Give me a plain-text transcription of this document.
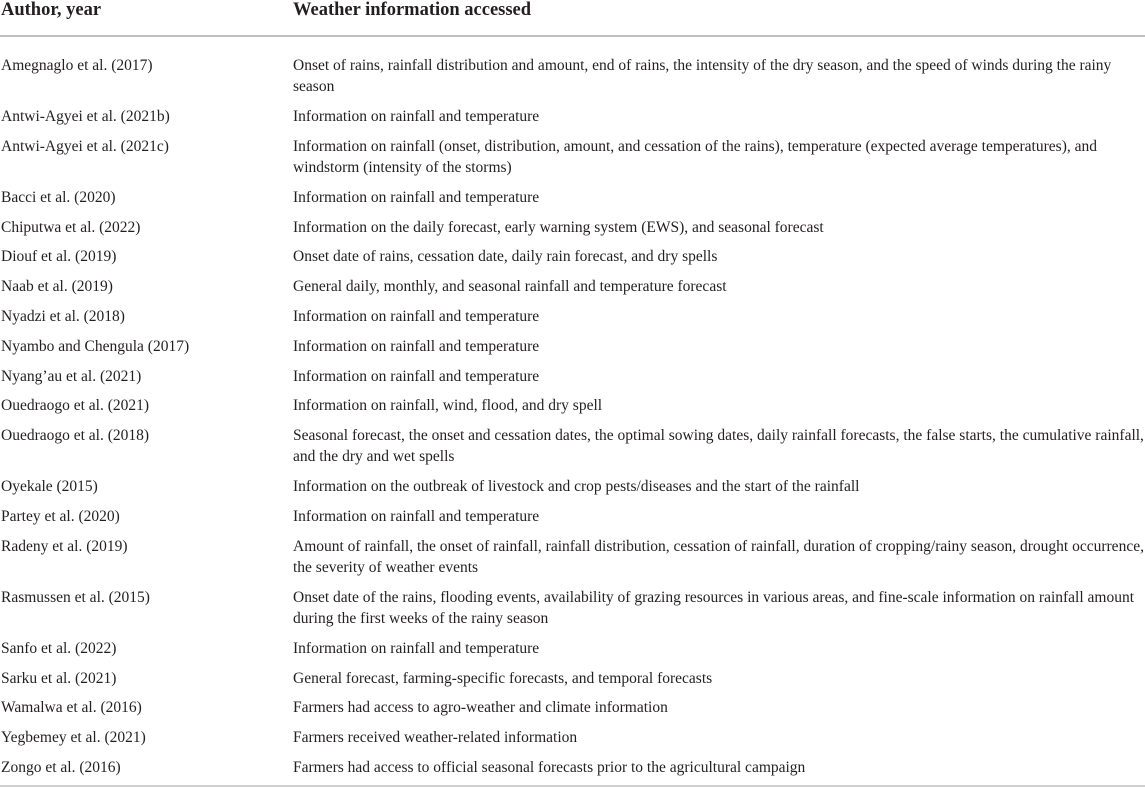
Author, year	Weather information accessed
Amegnaglo et al. (2017)	Onset of rains, rainfall distribution and amount, end of rains, the intensity of the dry season, and the speed of winds during the rainy season
Antwi-Agyei et al. (2021b)	Information on rainfall and temperature
Antwi-Agyei et al. (2021c)	Information on rainfall (onset, distribution, amount, and cessation of the rains), temperature (expected average temperatures), and windstorm (intensity of the storms)
Bacci et al. (2020)	Information on rainfall and temperature
Chiputwa et al. (2022)	Information on the daily forecast, early warning system (EWS), and seasonal forecast
Diouf et al. (2019)	Onset date of rains, cessation date, daily rain forecast, and dry spells
Naab et al. (2019)	General daily, monthly, and seasonal rainfall and temperature forecast
Nyadzi et al. (2018)	Information on rainfall and temperature
Nyambo and Chengula (2017)	Information on rainfall and temperature
Nyang’au et al. (2021)	Information on rainfall and temperature
Ouedraogo et al. (2021)	Information on rainfall, wind, flood, and dry spell
Ouedraogo et al. (2018)	Seasonal forecast, the onset and cessation dates, the optimal sowing dates, daily rainfall forecasts, the false starts, the cumulative rainfall, and the dry and wet spells
Oyekale (2015)	Information on the outbreak of livestock and crop pests/diseases and the start of the rainfall
Partey et al. (2020)	Information on rainfall and temperature
Radeny et al. (2019)	Amount of rainfall, the onset of rainfall, rainfall distribution, cessation of rainfall, duration of cropping/rainy season, drought occurrence, the severity of weather events
Rasmussen et al. (2015)	Onset date of the rains, flooding events, availability of grazing resources in various areas, and fine-scale information on rainfall amount during the first weeks of the rainy season
Sanfo et al. (2022)	Information on rainfall and temperature
Sarku et al. (2021)	General forecast, farming-specific forecasts, and temporal forecasts
Wamalwa et al. (2016)	Farmers had access to agro-weather and climate information
Yegbemey et al. (2021)	Farmers received weather-related information
Zongo et al. (2016)	Farmers had access to official seasonal forecasts prior to the agricultural campaign
